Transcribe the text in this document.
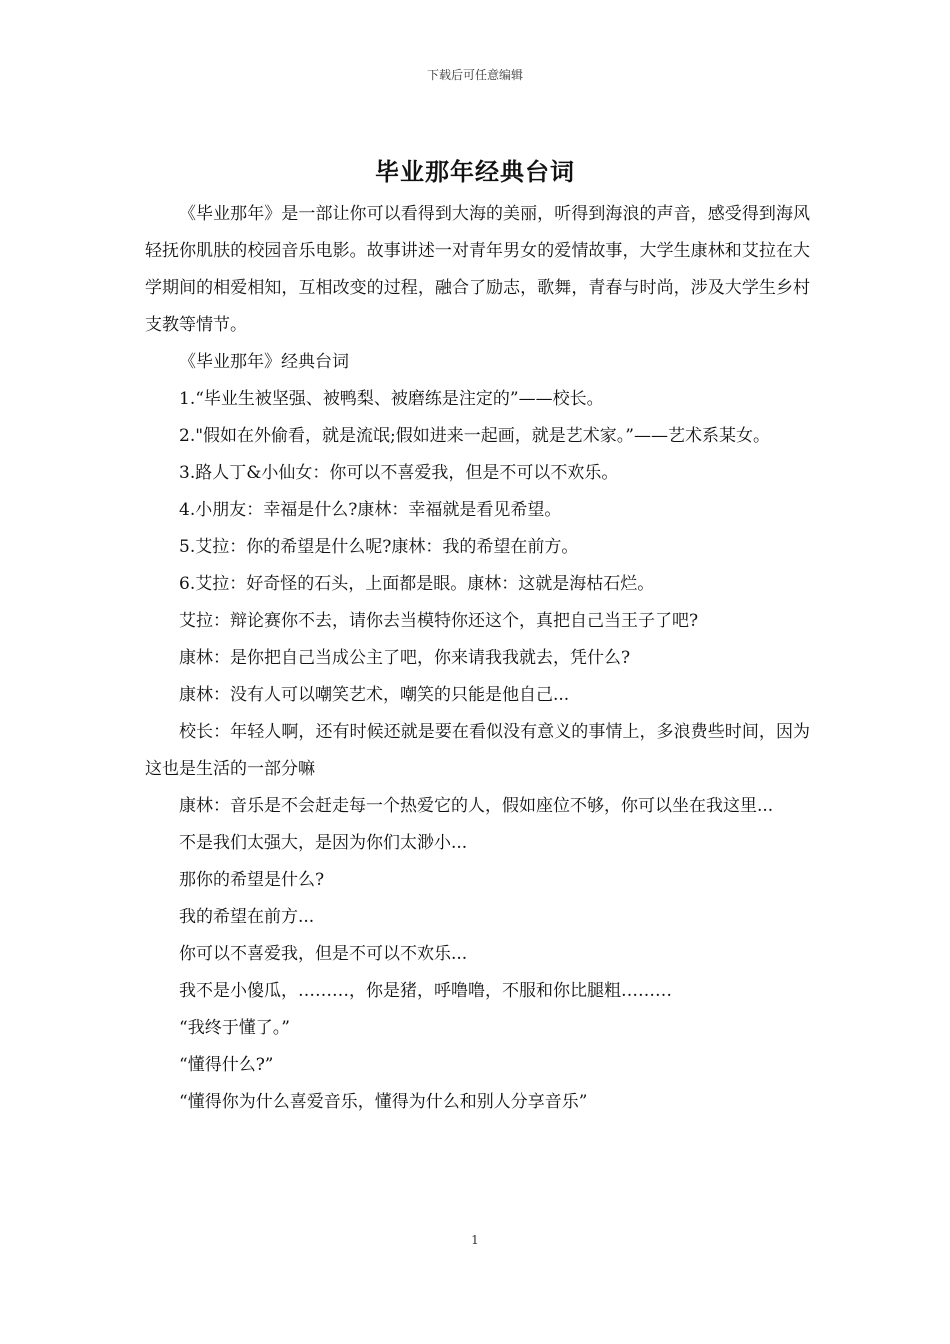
下载后可任意编辑
毕业那年经典台词

《毕业那年》是一部让你可以看得到大海的美丽，听得到海浪的声音，感受得到海风轻抚你肌肤的校园音乐电影。故事讲述一对青年男女的爱情故事，大学生康林和艾拉在大学期间的相爱相知，互相改变的过程，融合了励志，歌舞，青春与时尚，涉及大学生乡村支教等情节。

《毕业那年》经典台词

1.“毕业生被坚强、被鸭梨、被磨练是注定的”——校长。

2."假如在外偷看，就是流氓;假如进来一起画，就是艺术家。”——艺术系某女。

3.路人丁&小仙女：你可以不喜爱我，但是不可以不欢乐。

4.小朋友：幸福是什么?康林：幸福就是看见希望。

5.艾拉：你的希望是什么呢?康林：我的希望在前方。

6.艾拉：好奇怪的石头，上面都是眼。康林：这就是海枯石烂。

艾拉：辩论赛你不去，请你去当模特你还这个，真把自己当王子了吧?

康林：是你把自己当成公主了吧，你来请我我就去，凭什么?

康林：没有人可以嘲笑艺术，嘲笑的只能是他自己...

校长：年轻人啊，还有时候还就是要在看似没有意义的事情上，多浪费些时间，因为这也是生活的一部分嘛

康林：音乐是不会赶走每一个热爱它的人，假如座位不够，你可以坐在我这里...

不是我们太强大，是因为你们太渺小...

那你的希望是什么?

我的希望在前方...

你可以不喜爱我，但是不可以不欢乐...

我不是小傻瓜，………，你是猪，呼噜噜，不服和你比腿粗………

“我终于懂了。”

“懂得什么?”

“懂得你为什么喜爱音乐，懂得为什么和别人分享音乐”

1
